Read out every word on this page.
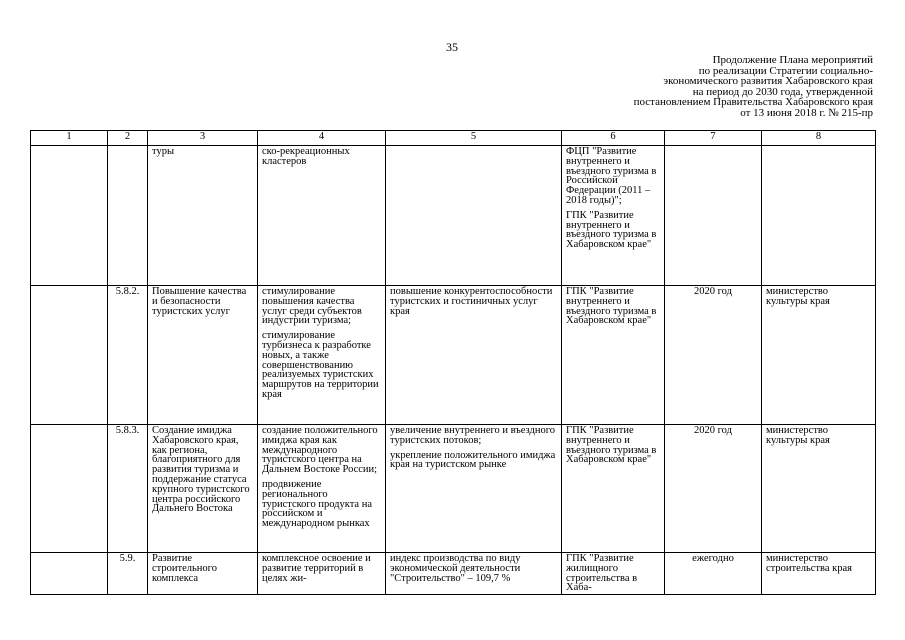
35
Продолжение Плана мероприятий
по реализации Стратегии социально-
экономического развития Хабаровского края
на период до 2030 года, утвержденной
постановлением Правительства Хабаровского края
от 13 июня 2018 г. № 215-пр
1	2	3	4	5	6	7	8

		туры	ско-рекреационных кластеров		ФЦП "Развитие внутреннего и въездного туризма в Российской Федерации (2011 – 2018 годы)";
ГПК "Развитие внутреннего и въездного туризма в Хабаровском крае"		

	5.8.2.	Повышение качества и безопасности туристских услуг	стимулирование повышения качества услуг среди субъектов индустрии туризма;
стимулирование турбизнеса к разработке новых, а также совершенствованию реализуемых туристских маршрутов на территории края	повышение конкурентоспособности туристских и гостиничных услуг края	ГПК "Развитие внутреннего и въездного туризма в Хабаровском крае"	2020 год	министерство культуры края
	5.8.3.	Создание имиджа Хабаровского края, как региона, благоприятного для развития туризма и поддержание статуса крупного туристского центра российского Дальнего Востока	создание положительного имиджа края как международного туристского центра на Дальнем Востоке России;
продвижение регионального туристского продукта на российском и международном рынках	увеличение внутреннего и въездного туристских потоков;
укрепление положительного имиджа края на туристском рынке	ГПК "Развитие внутреннего и въездного туризма в Хабаровском крае"	2020 год	министерство культуры края
	5.9.	Развитие строительного комплекса	комплексное освоение и развитие территорий в целях жи-	индекс производства по виду экономической деятельности "Строительство" – 109,7 %	ГПК "Развитие жилищного строительства в Хаба-	ежегодно	министерство строительства края
